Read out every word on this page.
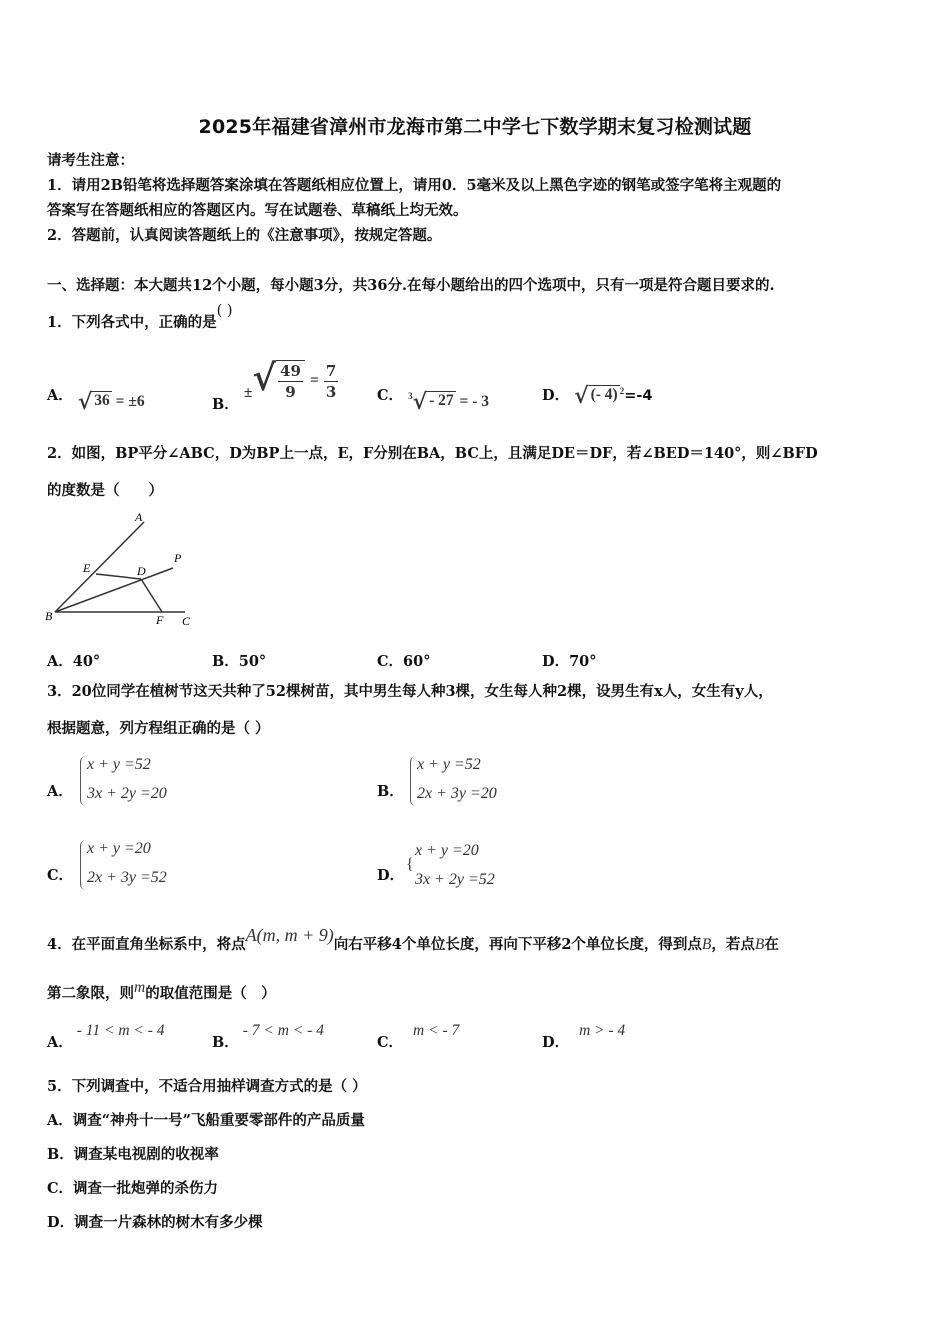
2025年福建省漳州市龙海市第二中学七下数学期末复习检测试题
请考生注意：
1．请用2B铅笔将选择题答案涂填在答题纸相应位置上，请用0．5毫米及以上黑色字迹的钢笔或签字笔将主观题的
答案写在答题纸相应的答题区内。写在试题卷、草稿纸上均无效。
2．答题前，认真阅读答题纸上的《注意事项》，按规定答题。
一、选择题：本大题共12个小题，每小题3分，共36分.在每小题给出的四个选项中，只有一项是符合题目要求的.
1．下列各式中，正确的是( )
A． √ 36 = ±6	B． ± √ $\frac{49}{9} = \frac{7}{3}$	C． 3 √ - 27 = - 3	D． √ (- 4) $^2$=-4
2．如图，BP平分∠ABC，D为BP上一点，E，F分别在BA，BC上，且满足DE＝DF，若∠BED＝140°，则∠BFD
的度数是（　　）
A
E	D
P
B	F C
A．40°	B．50°	C．60°	D．70°
3．20位同学在植树节这天共种了52棵树苗，其中男生每人种3棵，女生每人种2棵，设男生有x人，女生有y人，
根据题意，列方程组正确的是（ ）
A．
x + y =52
3x + 2y =20	B．
x + y =52
2x + 3y =20
C．
x + y =20
2x + 3y =52	D．
{
x + y =20
3x + 2y =52
4．在平面直角坐标系中，将点A(m, m + 9)向右平移4个单位长度，再向下平移2个单位长度，得到点B，若点B在
第二象限，则m的取值范围是（　）
A．- 11 < m < - 4
B．- 7 < m < - 4
C．m < - 7
D．m > - 4
5．下列调查中，不适合用抽样调查方式的是（ ）
A．调查“神舟十一号”飞船重要零部件的产品质量
B．调查某电视剧的收视率
C．调查一批炮弹的杀伤力
D．调查一片森林的树木有多少棵
